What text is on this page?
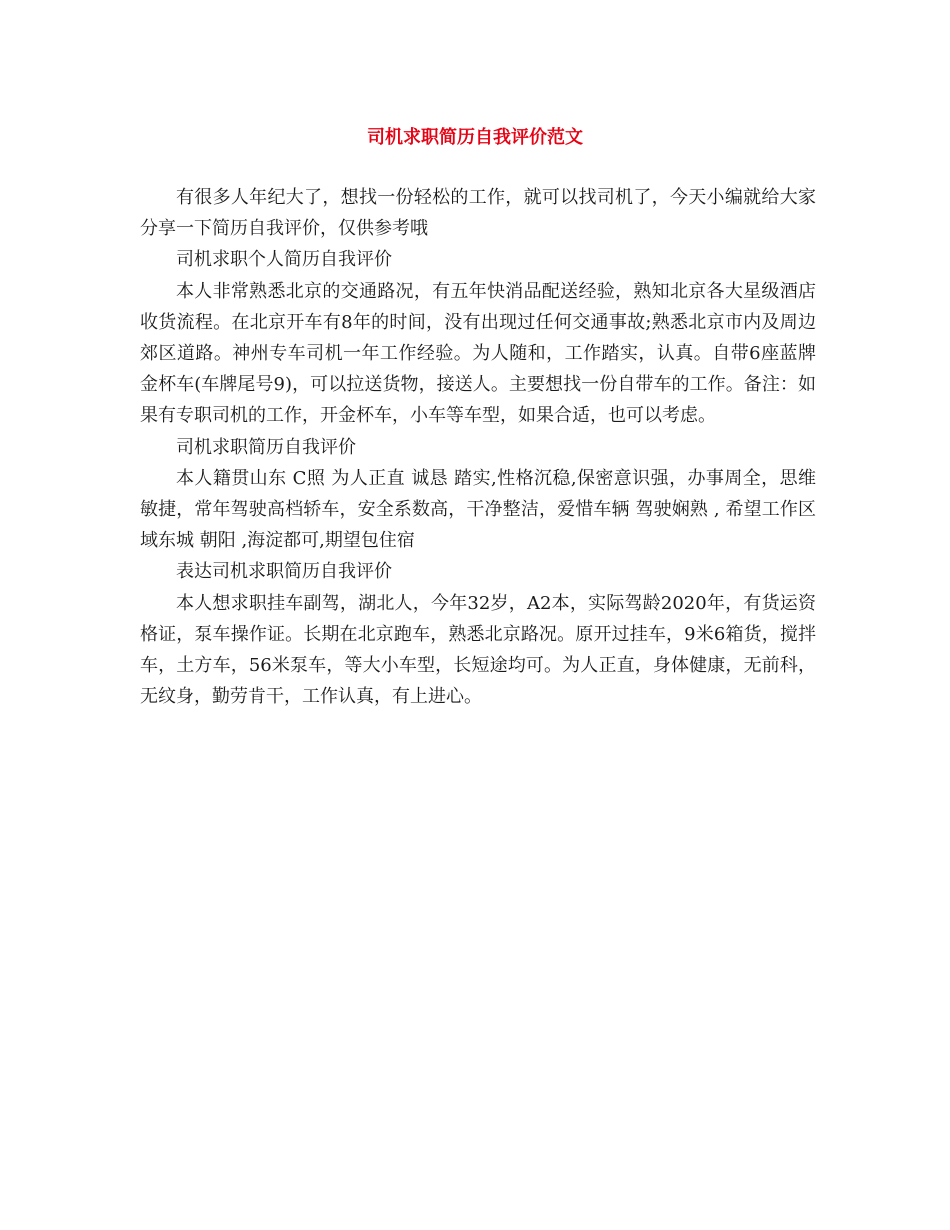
司机求职简历自我评价范文

有很多人年纪大了，想找一份轻松的工作，就可以找司机了，今天小编就给大家分享一下简历自我评价，仅供参考哦

司机求职个人简历自我评价

本人非常熟悉北京的交通路况，有五年快消品配送经验，熟知北京各大星级酒店收货流程。在北京开车有8年的时间，没有出现过任何交通事故;熟悉北京市内及周边郊区道路。神州专车司机一年工作经验。为人随和，工作踏实，认真。自带6座蓝牌金杯车(车牌尾号9)，可以拉送货物，接送人。主要想找一份自带车的工作。备注：如果有专职司机的工作，开金杯车，小车等车型，如果合适，也可以考虑。

司机求职简历自我评价

本人籍贯山东 C照 为人正直 诚恳 踏实,性格沉稳,保密意识强，办事周全，思维敏捷，常年驾驶高档轿车，安全系数高，干净整洁，爱惜车辆 驾驶娴熟 , 希望工作区域东城 朝阳 ,海淀都可,期望包住宿

表达司机求职简历自我评价

本人想求职挂车副驾，湖北人，今年32岁，A2本，实际驾龄2020年，有货运资格证，泵车操作证。长期在北京跑车，熟悉北京路况。原开过挂车，9米6箱货，搅拌车，土方车，56米泵车，等大小车型，长短途均可。为人正直，身体健康，无前科，无纹身，勤劳肯干，工作认真，有上进心。
